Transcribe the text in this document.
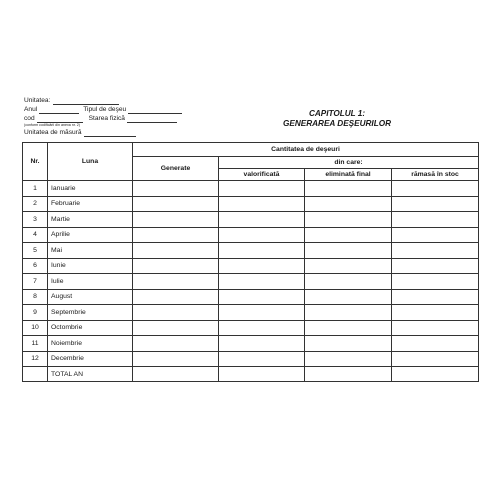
Unitatea:
Anul	Tipul de deşeu
cod	Starea fizică
(conform codificării din anexa nr. 2)
Unitatea de măsură
CAPITOLUL 1:
GENERAREA DEŞEURILOR
Nr.	Luna	Cantitatea de deşeuri			
		Generate	din care:		
			valorificată	eliminată final	rămasă în stoc
1	Ianuarie				
2	Februarie				
3	Martie				
4	Aprilie				
5	Mai				
6	Iunie				
7	Iulie				
8	August				
9	Septembrie				
10	Octombrie				
11	Noiembrie				
12	Decembrie				
	TOTAL AN				
